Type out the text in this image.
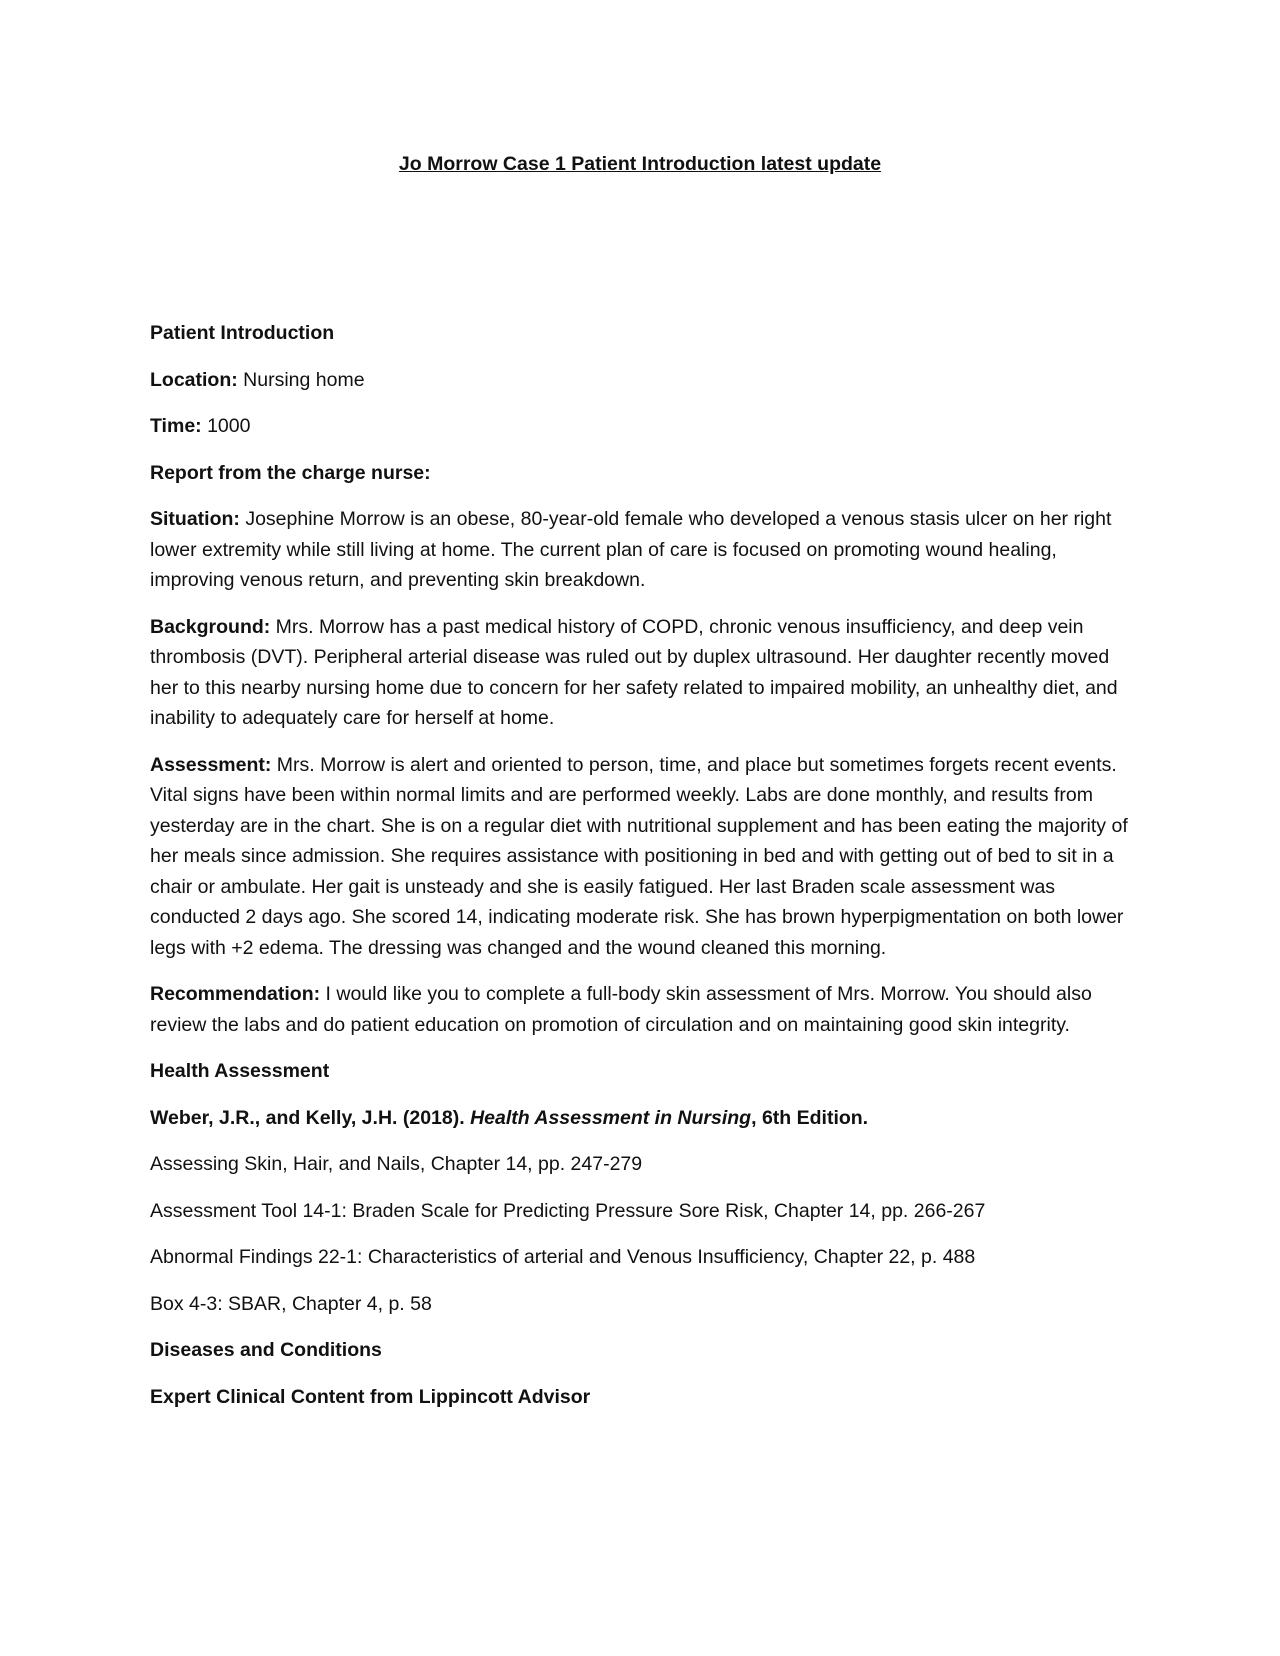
Jo Morrow Case 1 Patient Introduction latest update

Patient Introduction

Location: Nursing home

Time: 1000

Report from the charge nurse:

Situation: Josephine Morrow is an obese, 80-year-old female who developed a venous stasis ulcer on her right lower extremity while still living at home. The current plan of care is focused on promoting wound healing, improving venous return, and preventing skin breakdown.

Background: Mrs. Morrow has a past medical history of COPD, chronic venous insufficiency, and deep vein thrombosis (DVT). Peripheral arterial disease was ruled out by duplex ultrasound. Her daughter recently moved her to this nearby nursing home due to concern for her safety related to impaired mobility, an unhealthy diet, and inability to adequately care for herself at home.

Assessment: Mrs. Morrow is alert and oriented to person, time, and place but sometimes forgets recent events. Vital signs have been within normal limits and are performed weekly. Labs are done monthly, and results from yesterday are in the chart. She is on a regular diet with nutritional supplement and has been eating the majority of her meals since admission. She requires assistance with positioning in bed and with getting out of bed to sit in a chair or ambulate. Her gait is unsteady and she is easily fatigued. Her last Braden scale assessment was conducted 2 days ago. She scored 14, indicating moderate risk. She has brown hyperpigmentation on both lower legs with +2 edema. The dressing was changed and the wound cleaned this morning.

Recommendation: I would like you to complete a full-body skin assessment of Mrs. Morrow. You should also review the labs and do patient education on promotion of circulation and on maintaining good skin integrity.

Health Assessment

Weber, J.R., and Kelly, J.H. (2018). Health Assessment in Nursing, 6th Edition.

Assessing Skin, Hair, and Nails, Chapter 14, pp. 247-279

Assessment Tool 14-1: Braden Scale for Predicting Pressure Sore Risk, Chapter 14, pp. 266-267

Abnormal Findings 22-1: Characteristics of arterial and Venous Insufficiency, Chapter 22, p. 488

Box 4-3: SBAR, Chapter 4, p. 58

Diseases and Conditions

Expert Clinical Content from Lippincott Advisor
